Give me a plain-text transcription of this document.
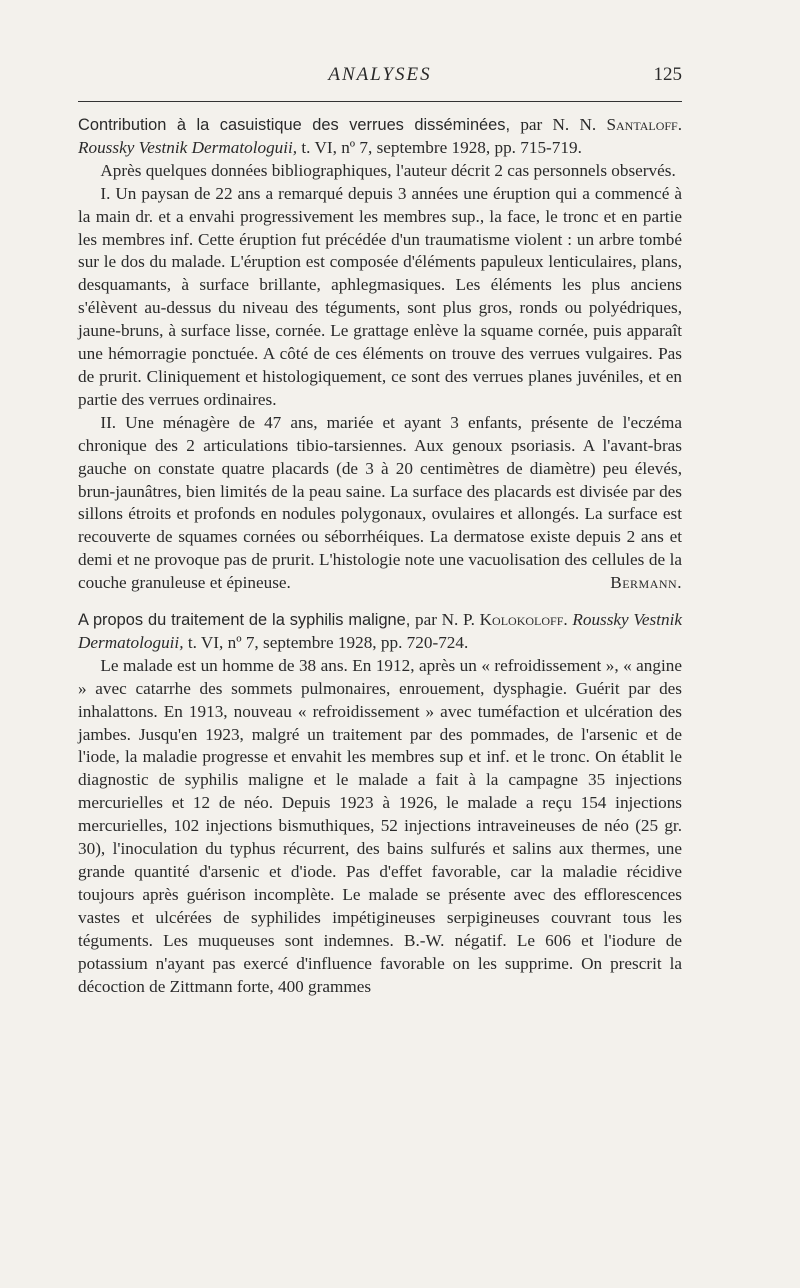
ANALYSES	125

Contribution à la casuistique des verrues disséminées, par N. N. Santaloff. Roussky Vestnik Dermatologuii, t. VI, nº 7, septembre 1928, pp. 715-719.

Après quelques données bibliographiques, l'auteur décrit 2 cas personnels observés.

I. Un paysan de 22 ans a remarqué depuis 3 années une éruption qui a commencé à la main dr. et a envahi progressivement les membres sup., la face, le tronc et en partie les membres inf. Cette éruption fut précédée d'un traumatisme violent : un arbre tombé sur le dos du malade. L'éruption est composée d'éléments papuleux lenticulaires, plans, desquamants, à surface brillante, aphlegmasiques. Les éléments les plus anciens s'élèvent au-dessus du niveau des téguments, sont plus gros, ronds ou polyédriques, jaune-bruns, à surface lisse, cornée. Le grattage enlève la squame cornée, puis apparaît une hémorragie ponctuée. A côté de ces éléments on trouve des verrues vulgaires. Pas de prurit. Cliniquement et histologiquement, ce sont des verrues planes juvéniles, et en partie des verrues ordinaires.

II. Une ménagère de 47 ans, mariée et ayant 3 enfants, présente de l'eczéma chronique des 2 articulations tibio-tarsiennes. Aux genoux psoriasis. A l'avant-bras gauche on constate quatre placards (de 3 à 20 centimètres de diamètre) peu élevés, brun-jaunâtres, bien limités de la peau saine. La surface des placards est divisée par des sillons étroits et profonds en nodules polygonaux, ovulaires et allongés. La surface est recouverte de squames cornées ou séborrhéiques. La dermatose existe depuis 2 ans et demi et ne provoque pas de prurit. L'histologie note une vacuolisation des cellules de la couche granuleuse et épineuse.	Bermann.

A propos du traitement de la syphilis maligne, par N. P. Kolokoloff. Roussky Vestnik Dermatologuii, t. VI, nº 7, septembre 1928, pp. 720-724.

Le malade est un homme de 38 ans. En 1912, après un « refroidissement », « angine » avec catarrhe des sommets pulmonaires, enrouement, dysphagie. Guérit par des inhalattons. En 1913, nouveau « refroidissement » avec tuméfaction et ulcération des jambes. Jusqu'en 1923, malgré un traitement par des pommades, de l'arsenic et de l'iode, la maladie progresse et envahit les membres sup et inf. et le tronc. On établit le diagnostic de syphilis maligne et le malade a fait à la campagne 35 injections mercurielles et 12 de néo. Depuis 1923 à 1926, le malade a reçu 154 injections mercurielles, 102 injections bismuthiques, 52 injections intraveineuses de néo (25 gr. 30), l'inoculation du typhus récurrent, des bains sulfurés et salins aux thermes, une grande quantité d'arsenic et d'iode. Pas d'effet favorable, car la maladie récidive toujours après guérison incomplète. Le malade se présente avec des efflorescences vastes et ulcérées de syphilides impétigineuses serpigineuses couvrant tous les téguments. Les muqueuses sont indemnes. B.-W. négatif. Le 606 et l'iodure de potassium n'ayant pas exercé d'influence favorable on les supprime. On prescrit la décoction de Zittmann forte, 400 grammes
